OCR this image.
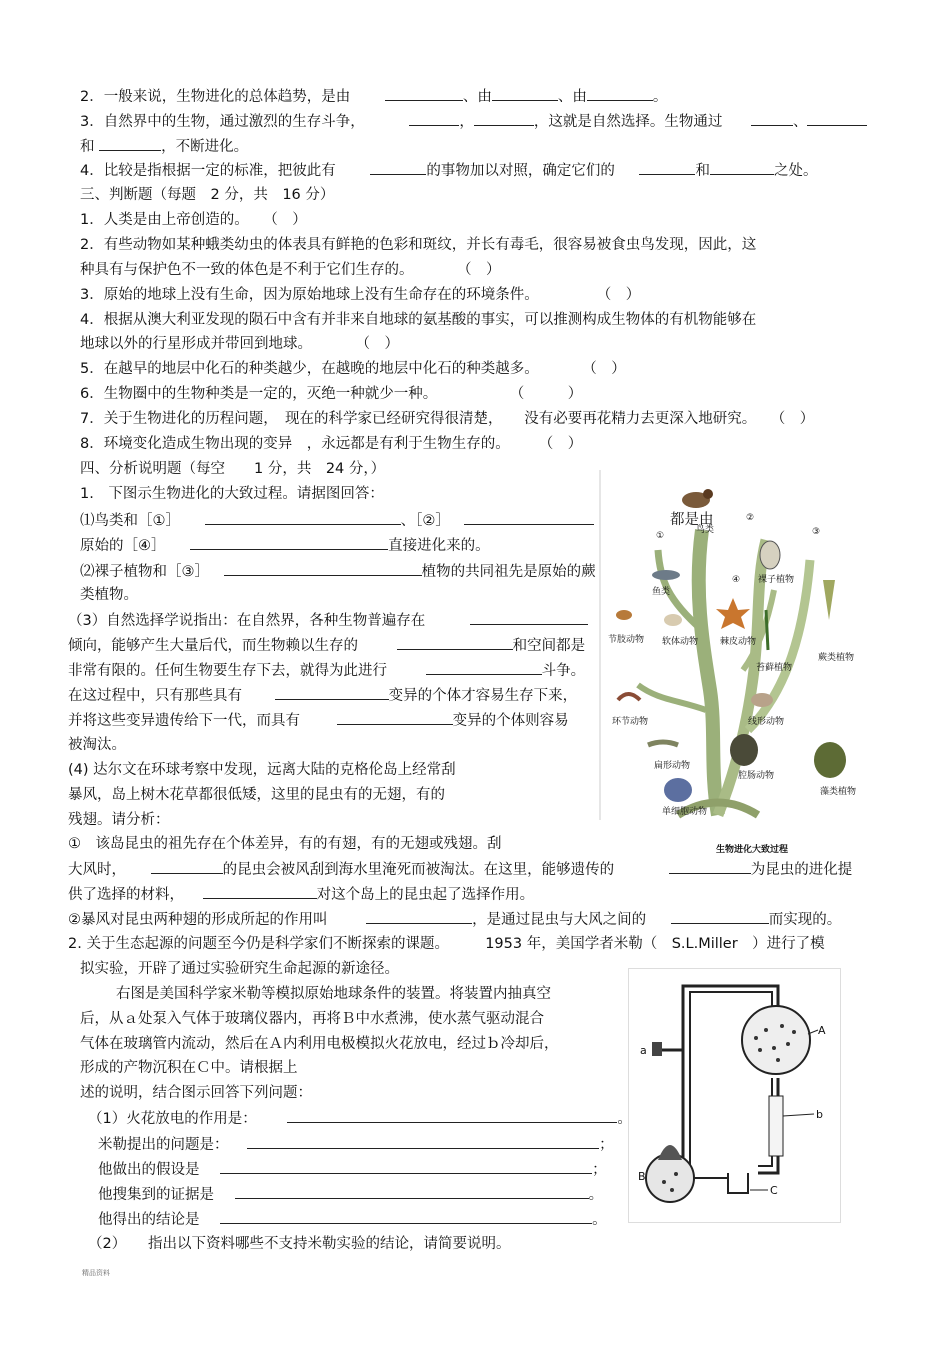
2．一般来说，生物进化的总体趋势，是由	、由	、由	。
3．自然界中的生物，通过激烈的生存斗争，	，	，这就是自然选择。生物通过	、
和	，不断进化。
4．比较是指根据一定的标准，把彼此有	的事物加以对照，确定它们的	和	之处。
三、判断题（每题　2 分，共　16 分）
1．人类是由上帝创造的。　　（　）
2．有些动物如某种蛾类幼虫的体表具有鲜艳的色彩和斑纹，并长有毒毛，很容易被食虫鸟发现，因此，这
种具有与保护色不一致的体色是不利于它们生存的。　　　　（　）
3．原始的地球上没有生命，因为原始地球上没有生命存在的环境条件。　　　　　（　）
4．根据从澳大利亚发现的陨石中含有并非来自地球的氨基酸的事实，可以推测构成生物体的有机物能够在
地球以外的行星形成并带回到地球。　　　　（　）
5．在越早的地层中化石的种类越少，在越晚的地层中化石的种类越多。　　　　（　）
6．生物圈中的生物种类是一定的，灭绝一种就少一种。　　　　　　（　　　）
7．关于生物进化的历程问题，　现在的科学家已经研究得很清楚，　　没有必要再花精力去更深入地研究。　　（　）
8．环境变化造成生物出现的变异　，永远都是有利于生物生存的。　　　（　）
四、分析说明题（每空　　1 分，共　24 分，）
1.　下图示生物进化的大致过程。请据图回答：
⑴鸟类和［①］	、［②］	都是由
原始的［④］	直接进化来的。
⑵裸子植物和［③］	植物的共同祖先是原始的蕨
类植物。
（3）自然选择学说指出：在自然界，各种生物普遍存在
倾向，能够产生大量后代，而生物赖以生存的	和空间都是
非常有限的。任何生物要生存下去，就得为此进行	斗争。
在这过程中，只有那些具有	变异的个体才容易生存下来，
并将这些变异遗传给下一代，而具有	变异的个体则容易
被淘汰。
(4) 达尔文在环球考察中发现，远离大陆的克格伦岛上经常刮
暴风，岛上树木花草都很低矮，这里的昆虫有的无翅，有的
残翅。请分析：
①　该岛昆虫的祖先存在个体差异，有的有翅，有的无翅或残翅。刮
大风时，	的昆虫会被风刮到海水里淹死而被淘汰。在这里，能够遗传的	为昆虫的进化提
供了选择的材料，	对这个岛上的昆虫起了选择作用。
②暴风对昆虫两种翅的形成所起的作用叫	，是通过昆虫与大风之间的	而实现的。
2. 关于生态起源的问题至今仍是科学家们不断探索的课题。　　　1953 年，美国学者米勒（　S.L.Miller　）进行了模
拟实验，开辟了通过实验研究生命起源的新途径。
右图是美国科学家米勒等模拟原始地球条件的装置。将装置内抽真空
后，从ａ处泵入气体于玻璃仪器内，再将Ｂ中水煮沸，使水蒸气驱动混合
气体在玻璃管内流动，然后在Ａ内利用电极模拟火花放电，经过ｂ冷却后，
形成的产物沉积在Ｃ中。请根据上
述的说明，结合图示回答下列问题：
（1）火花放电的作用是：	。
米勒提出的问题是：	；
他做出的假设是	；
他搜集到的证据是	。
他得出的结论是	。
（2）　　指出以下资料哪些不支持米勒实验的结论，请简要说明。
精品资料
鸟类
鱼类
裸子植物
节肢动物 软体动物 棘皮动物
苔藓植物
蕨类植物
环节动物	线形动物
扁形动物
腔肠动物
藻类植物
单细胞动物
①
②
③
④
生物进化大致过程
A
a
b
B
C
